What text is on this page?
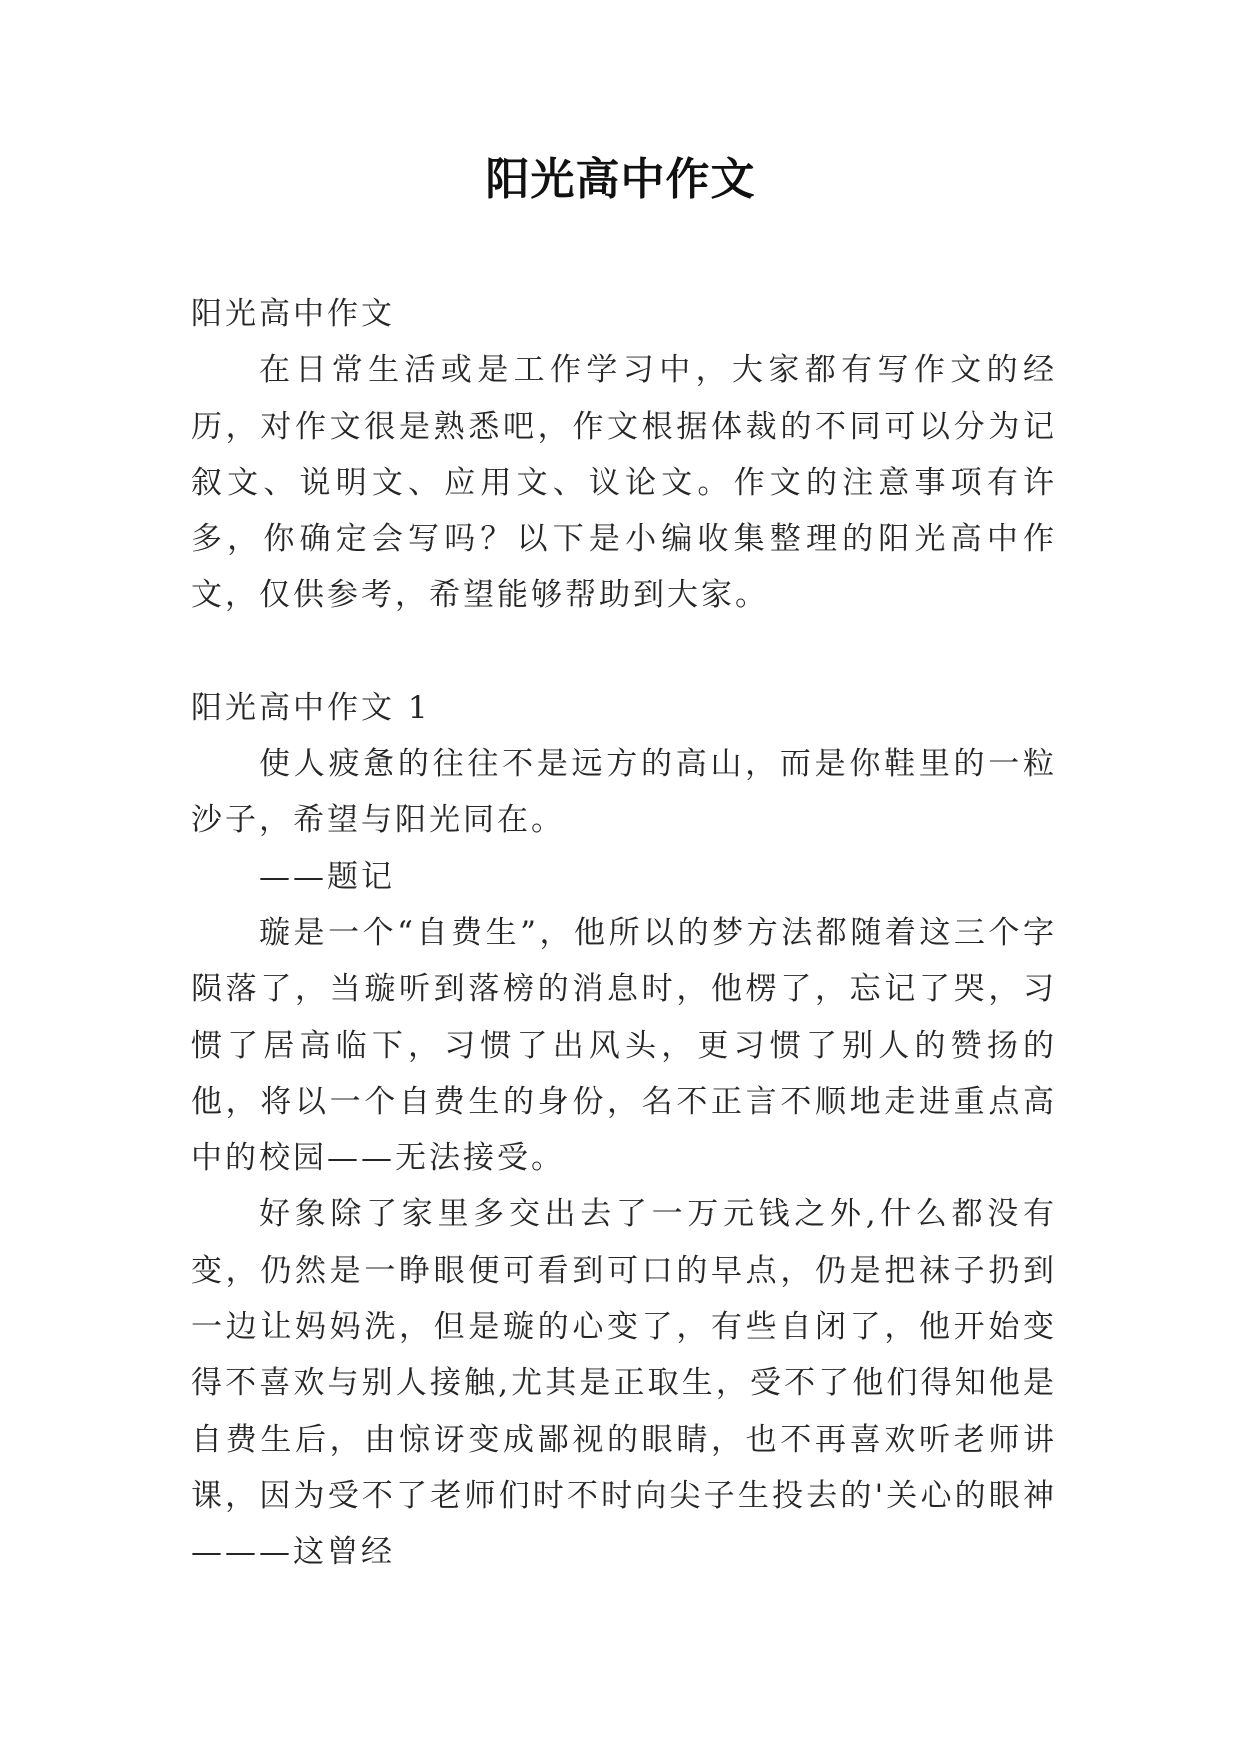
阳光高中作文

阳光高中作文

在日常生活或是工作学习中，大家都有写作文的经历，对作文很是熟悉吧，作文根据体裁的不同可以分为记叙文、说明文、应用文、议论文。作文的注意事项有许多，你确定会写吗？以下是小编收集整理的阳光高中作文，仅供参考，希望能够帮助到大家。

阳光高中作文 1

使人疲惫的往往不是远方的高山，而是你鞋里的一粒沙子，希望与阳光同在。

——题记

璇是一个“自费生”，他所以的梦方法都随着这三个字陨落了，当璇听到落榜的消息时，他楞了，忘记了哭，习惯了居高临下，习惯了出风头，更习惯了别人的赞扬的他，将以一个自费生的身份，名不正言不顺地走进重点高中的校园——无法接受。

好象除了家里多交出去了一万元钱之外,什么都没有变，仍然是一睁眼便可看到可口的早点，仍是把袜子扔到一边让妈妈洗，但是璇的心变了，有些自闭了，他开始变得不喜欢与别人接触,尤其是正取生，受不了他们得知他是自费生后，由惊讶变成鄙视的眼睛，也不再喜欢听老师讲课，因为受不了老师们时不时向尖子生投去的'关心的眼神———这曾经
